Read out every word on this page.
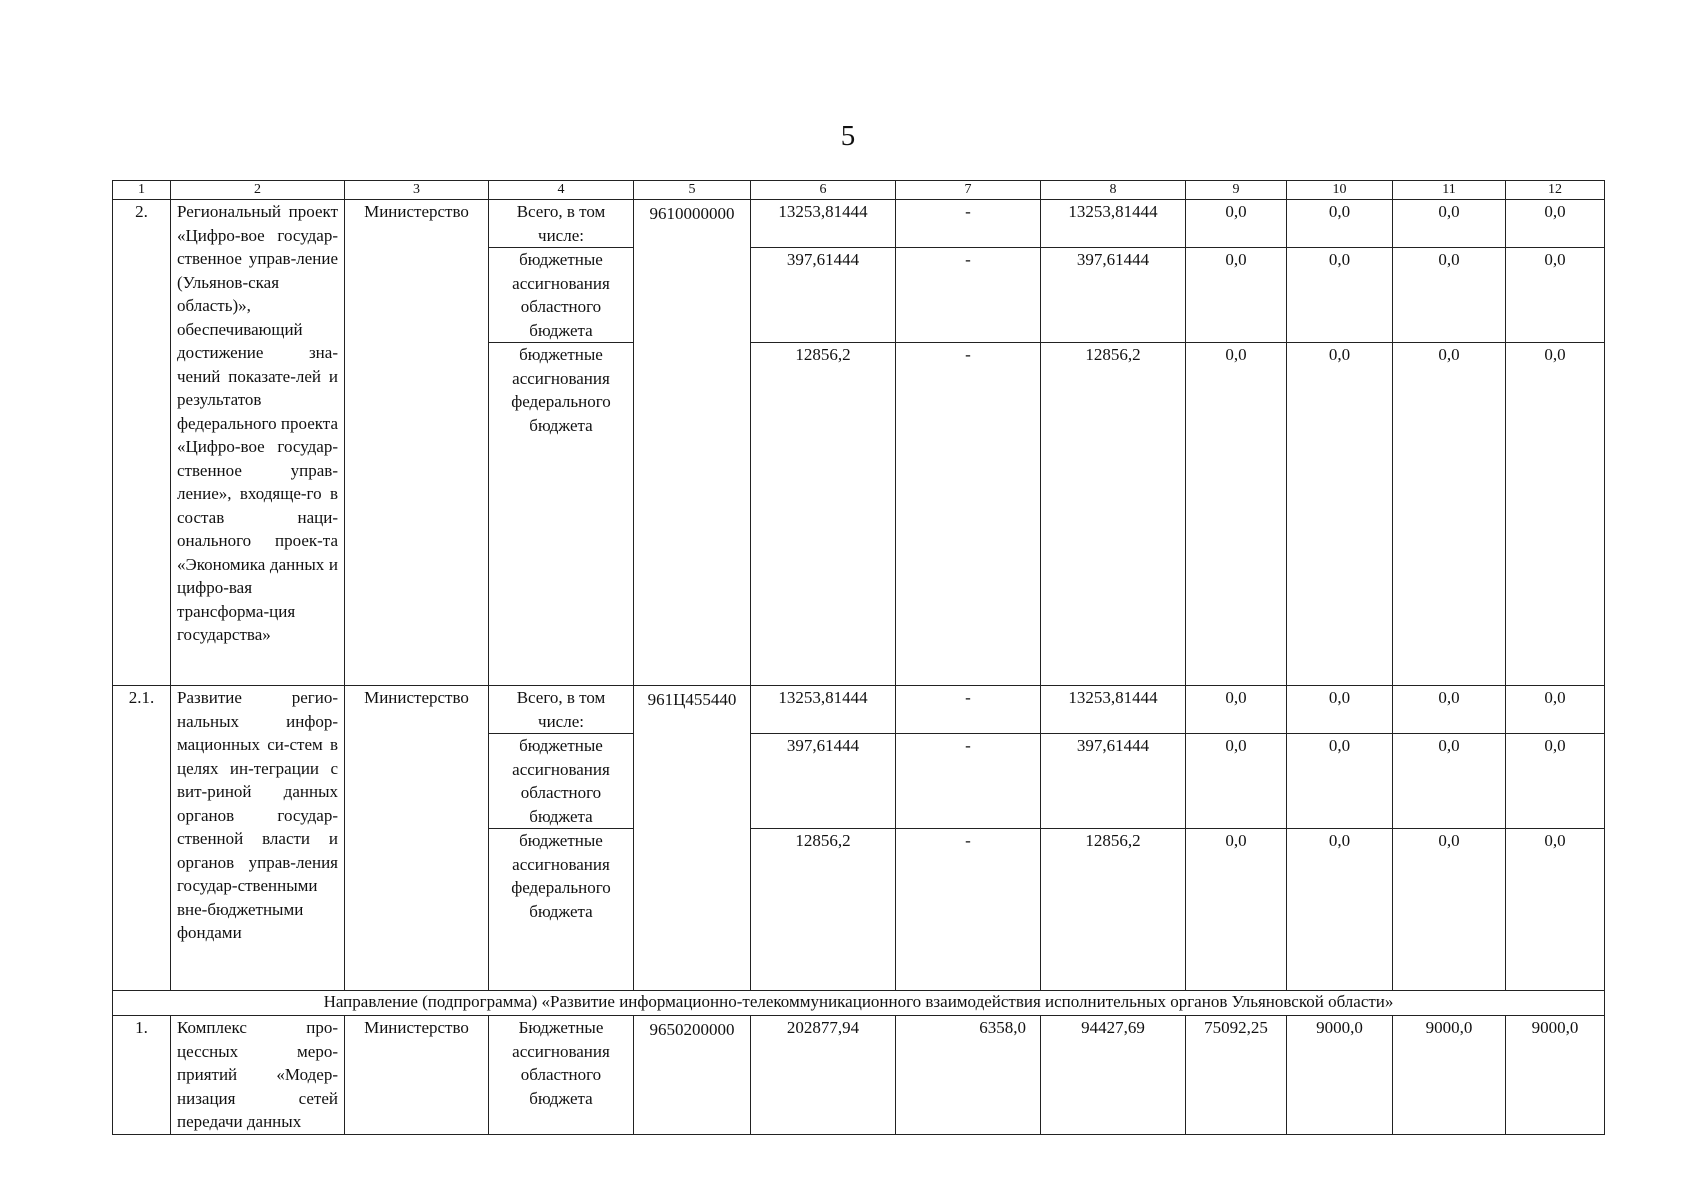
5
1	2	3	4	5	6	7	8	9	10	11	12
2.	Региональный проект «Цифро-вое государ-ственное управ-ление (Ульянов-ская область)», обеспечивающий достижение зна-чений показате-лей и результатов федерального проекта «Цифро-вое государ-ственное управ-ление», входяще-го в состав наци-онального проек-та «Экономика данных и цифро-вая трансформа-ция государства»	Министерство	Всего, в том числе:	9610000000	13253,81444	-	13253,81444	0,0	0,0	0,0	0,0
			бюджетные ассигнования областного бюджета		397,61444	-	397,61444	0,0	0,0	0,0	0,0
			бюджетные ассигнования федерального бюджета		12856,2	-	12856,2	0,0	0,0	0,0	0,0
2.1.	Развитие регио-нальных инфор-мационных си-стем в целях ин-теграции с вит-риной данных органов государ-ственной власти и органов управ-ления государ-ственными вне-бюджетными фондами	Министерство	Всего, в том числе:	961Ц455440	13253,81444	-	13253,81444	0,0	0,0	0,0	0,0
			бюджетные ассигнования областного бюджета		397,61444	-	397,61444	0,0	0,0	0,0	0,0
			бюджетные ассигнования федерального бюджета		12856,2	-	12856,2	0,0	0,0	0,0	0,0
Направление (подпрограмма) «Развитие информационно-телекоммуникационного взаимодействия исполнительных органов Ульяновской области»											
1.	Комплекс про-цессных меро-приятий «Модер-низация сетей передачи данных	Министерство	Бюджетные ассигнования областного бюджета	9650200000	202877,94	6358,0	94427,69	75092,25	9000,0	9000,0	9000,0
